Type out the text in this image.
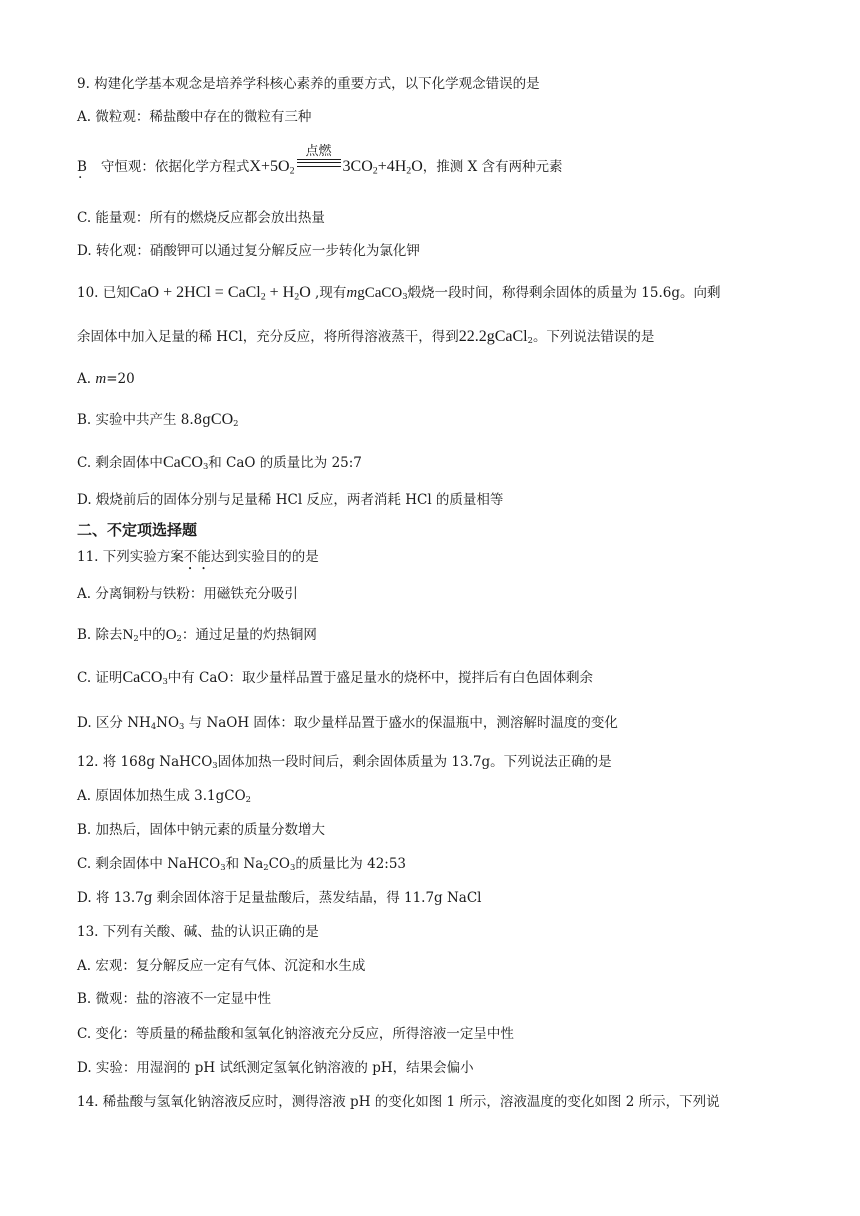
9. 构建化学基本观念是培养学科核心素养的重要方式，以下化学观念错误的是
A. 微粒观：稀盐酸中存在的微粒有三种
B · 守恒观：依据化学方程式$X+5O_2$
点燃
$3CO_2+4H_2O$，推测 X 含有两种元素
C. 能量观：所有的燃烧反应都会放出热量
D. 转化观：硝酸钾可以通过复分解反应一步转化为氯化钾
10. 已知CaO + 2HCl = CaCl$_2$ + $H_2O$ ,现有mgCaCO$_3$煅烧一段时间，称得剩余固体的质量为 15.6g。向剩
余固体中加入足量的稀 HCl，充分反应，将所得溶液蒸干，得到22.2gCaCl$_2$。下列说法错误的是
A. m=20
B. 实验中共产生 8.8gCO$_2$
C. 剩余固体中CaCO$_3$和 CaO 的质量比为 25:7
D. 煅烧前后的固体分别与足量稀 HCl 反应，两者消耗 HCl 的质量相等
二、不定项选择题
11. 下列实验方案不能达到实验目的的是
A. 分离铜粉与铁粉：用磁铁充分吸引
B. 除去$N_2$中的$O_2$：通过足量的灼热铜网
C. 证明CaCO$_3$中有 CaO：取少量样品置于盛足量水的烧杯中，搅拌后有白色固体剩余
D. 区分 $NH_4NO_3$ 与 NaOH 固体：取少量样品置于盛水的保温瓶中，测溶解时温度的变化
12. 将 168g NaHCO$_3$固体加热一段时间后，剩余固体质量为 13.7g。下列说法正确的是
A. 原固体加热生成 3.1gCO$_2$
B. 加热后，固体中钠元素的质量分数增大
C. 剩余固体中 NaHCO$_3$和 $Na_2CO_3$的质量比为 42:53
D. 将 13.7g 剩余固体溶于足量盐酸后，蒸发结晶，得 11.7g NaCl
13. 下列有关酸、碱、盐的认识正确的是
A. 宏观：复分解反应一定有气体、沉淀和水生成
B. 微观：盐的溶液不一定显中性
C. 变化：等质量的稀盐酸和氢氧化钠溶液充分反应，所得溶液一定呈中性
D. 实验：用湿润的 pH 试纸测定氢氧化钠溶液的 pH，结果会偏小
14. 稀盐酸与氢氧化钠溶液反应时，测得溶液 pH 的变化如图 1 所示，溶液温度的变化如图 2 所示，下列说
